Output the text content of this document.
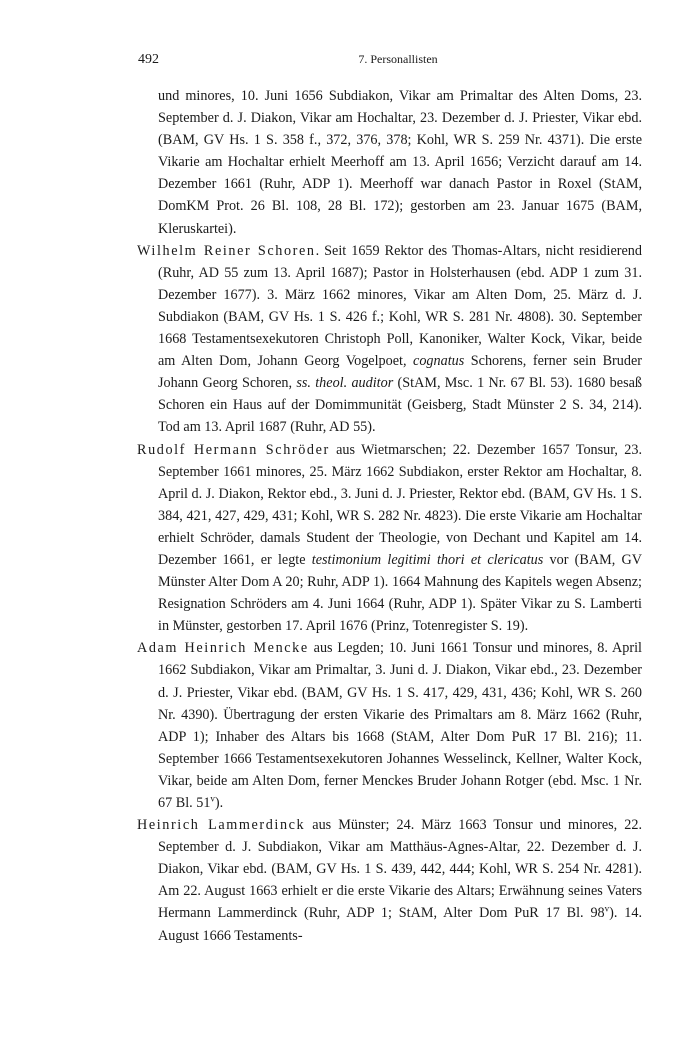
492	7. Personallisten

und minores, 10. Juni 1656 Subdiakon, Vikar am Primaltar des Alten Doms, 23. September d. J. Diakon, Vikar am Hochaltar, 23. Dezember d. J. Priester, Vikar ebd. (BAM, GV Hs. 1 S. 358 f., 372, 376, 378; Kohl, WR S. 259 Nr. 4371). Die erste Vikarie am Hochaltar erhielt Meerhoff am 13. April 1656; Verzicht darauf am 14. Dezember 1661 (Ruhr, ADP 1). Meerhoff war danach Pastor in Roxel (StAM, DomKM Prot. 26 Bl. 108, 28 Bl. 172); gestorben am 23. Januar 1675 (BAM, Kleruskartei).

Wilhelm Reiner Schoren. Seit 1659 Rektor des Thomas-Altars, nicht residierend (Ruhr, AD 55 zum 13. April 1687); Pastor in Holsterhausen (ebd. ADP 1 zum 31. Dezember 1677). 3. März 1662 minores, Vikar am Alten Dom, 25. März d. J. Subdiakon (BAM, GV Hs. 1 S. 426 f.; Kohl, WR S. 281 Nr. 4808). 30. September 1668 Testamentsexekutoren Christoph Poll, Kanoniker, Walter Kock, Vikar, beide am Alten Dom, Johann Georg Vogelpoet, cognatus Schorens, ferner sein Bruder Johann Georg Schoren, ss. theol. auditor (StAM, Msc. 1 Nr. 67 Bl. 53). 1680 besaß Schoren ein Haus auf der Domimmunität (Geisberg, Stadt Münster 2 S. 34, 214). Tod am 13. April 1687 (Ruhr, AD 55).

Rudolf Hermann Schröder aus Wietmarschen; 22. Dezember 1657 Tonsur, 23. September 1661 minores, 25. März 1662 Subdiakon, erster Rektor am Hochaltar, 8. April d. J. Diakon, Rektor ebd., 3. Juni d. J. Priester, Rektor ebd. (BAM, GV Hs. 1 S. 384, 421, 427, 429, 431; Kohl, WR S. 282 Nr. 4823). Die erste Vikarie am Hochaltar erhielt Schröder, damals Student der Theologie, von Dechant und Kapitel am 14. Dezember 1661, er legte testimonium legitimi thori et clericatus vor (BAM, GV Münster Alter Dom A 20; Ruhr, ADP 1). 1664 Mahnung des Kapitels wegen Absenz; Resignation Schröders am 4. Juni 1664 (Ruhr, ADP 1). Später Vikar zu S. Lamberti in Münster, gestorben 17. April 1676 (Prinz, Totenregister S. 19).

Adam Heinrich Mencke aus Legden; 10. Juni 1661 Tonsur und minores, 8. April 1662 Subdiakon, Vikar am Primaltar, 3. Juni d. J. Diakon, Vikar ebd., 23. Dezember d. J. Priester, Vikar ebd. (BAM, GV Hs. 1 S. 417, 429, 431, 436; Kohl, WR S. 260 Nr. 4390). Übertragung der ersten Vikarie des Primaltars am 8. März 1662 (Ruhr, ADP 1); Inhaber des Altars bis 1668 (StAM, Alter Dom PuR 17 Bl. 216); 11. September 1666 Testamentsexekutoren Johannes Wesselinck, Kellner, Walter Kock, Vikar, beide am Alten Dom, ferner Menckes Bruder Johann Rotger (ebd. Msc. 1 Nr. 67 Bl. 51$^v$).

Heinrich Lammerdinck aus Münster; 24. März 1663 Tonsur und minores, 22. September d. J. Subdiakon, Vikar am Matthäus-Agnes-Altar, 22. Dezember d. J. Diakon, Vikar ebd. (BAM, GV Hs. 1 S. 439, 442, 444; Kohl, WR S. 254 Nr. 4281). Am 22. August 1663 erhielt er die erste Vikarie des Altars; Erwähnung seines Vaters Hermann Lammerdinck (Ruhr, ADP 1; StAM, Alter Dom PuR 17 Bl. 98$^v$). 14. August 1666 Testaments-
